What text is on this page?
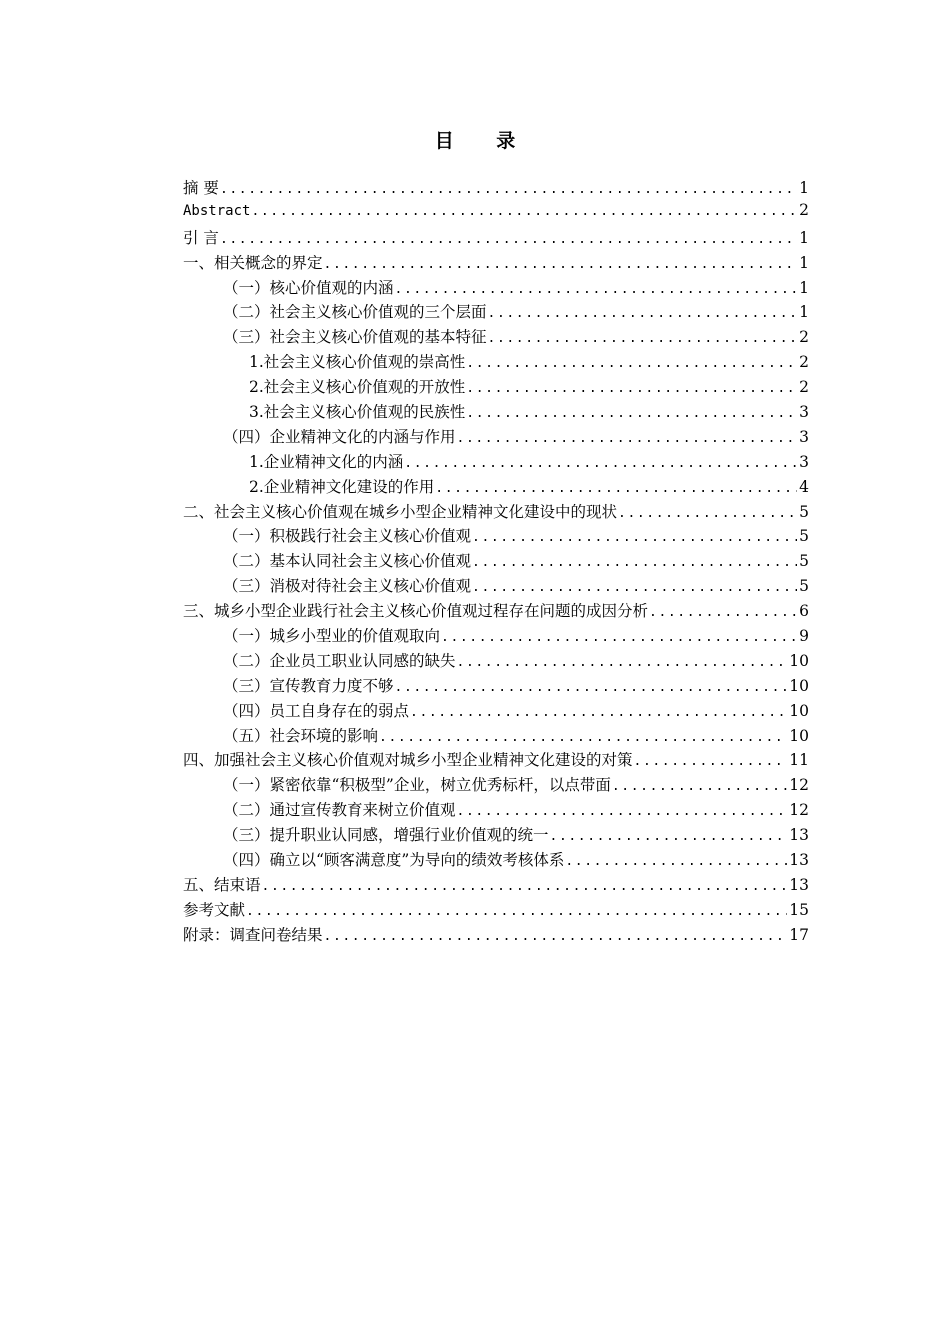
目 录
摘 要 .....	1
Abstract .....	2
引 言 .....	1
一、相关概念的界定 .....	1
（一）核心价值观的内涵 .....	1
（二）社会主义核心价值观的三个层面 .....	1
（三）社会主义核心价值观的基本特征 .....	2
1.社会主义核心价值观的崇高性 .....	2
2.社会主义核心价值观的开放性 .....	2
3.社会主义核心价值观的民族性 .....	3
（四）企业精神文化的内涵与作用 .....	3
1.企业精神文化的内涵 .....	3
2.企业精神文化建设的作用 .....	4
二、社会主义核心价值观在城乡小型企业精神文化建设中的现状 .....	5
（一）积极践行社会主义核心价值观 .....	5
（二）基本认同社会主义核心价值观 .....	5
（三）消极对待社会主义核心价值观 .....	5
三、城乡小型企业践行社会主义核心价值观过程存在问题的成因分析 .....	6
（一）城乡小型业的价值观取向 .....	9
（二）企业员工职业认同感的缺失 .....	10
（三）宣传教育力度不够 .....	10
（四）员工自身存在的弱点 .....	10
（五）社会环境的影响 .....	10
四、加强社会主义核心价值观对城乡小型企业精神文化建设的对策 .....	11
（一）紧密依靠“积极型”企业，树立优秀标杆，以点带面 .....	12
（二）通过宣传教育来树立价值观 .....	12
（三）提升职业认同感，增强行业价值观的统一 .....	13
（四）确立以“顾客满意度”为导向的绩效考核体系 .....	13
五、结束语 .....	13
参考文献 .....	15
附录：调查问卷结果 .....	17
